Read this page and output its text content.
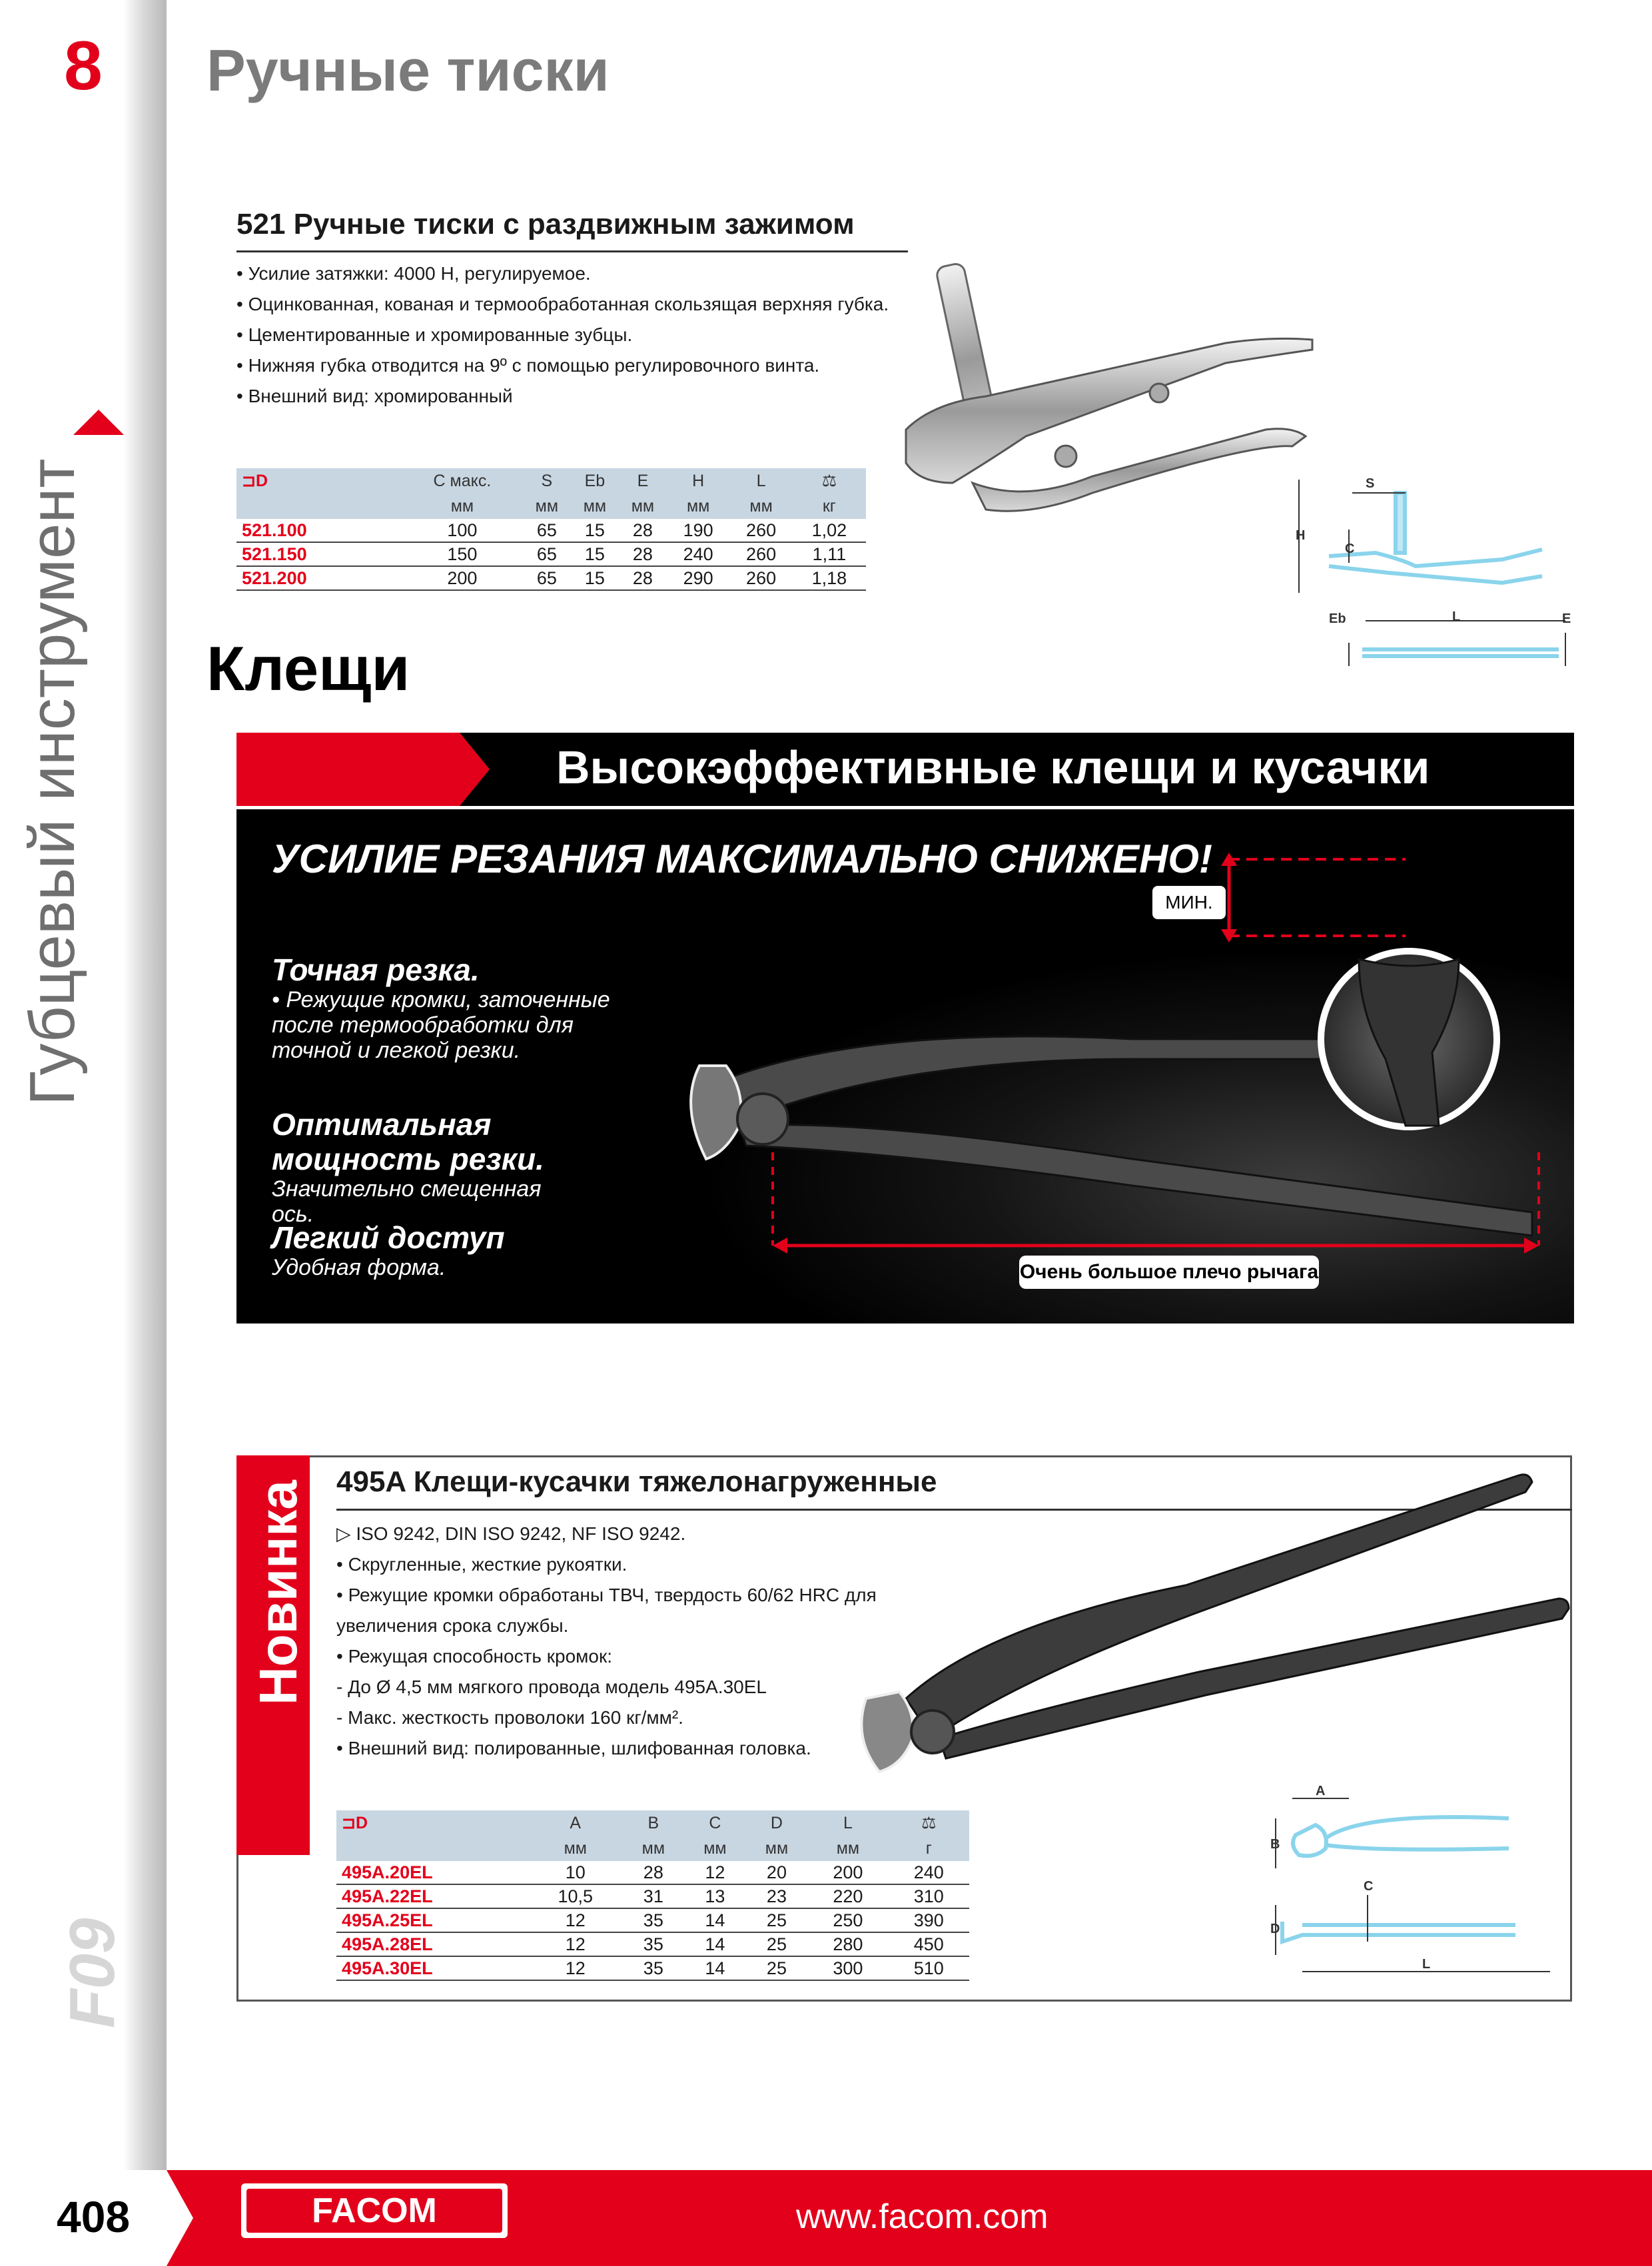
8
Губцевый инструмент
F09
Ручные тиски
521 Ручные тиски с раздвижным зажимом
• Усилие затяжки: 4000 Н, регулируемое.
• Оцинкованная, кованая и термообработанная скользящая верхняя губка.
• Цементированные и хромированные зубцы.
• Нижняя губка отводится на 9º с помощью регулировочного винта.
• Внешний вид: хромированный
⊐D	С макс.	S	Eb	E	H	L	⚖
	мм	мм	мм	мм	мм	мм	кг
521.100	100	65	15	28	190	260	1,02
521.150	150	65	15	28	240	260	1,11
521.200	200	65	15	28	290	260	1,18
H
C
S
Eb	L	E
Клещи
Высокэффективные клещи и кусачки
УСИЛИЕ РЕЗАНИЯ МАКСИМАЛЬНО СНИЖЕНО!
МИН.
Точная резка.
• Режущие кромки, заточенные после термообработки для точной и легкой резки.
Оптимальная мощность резки.
Значительно смещенная ось.
Легкий доступ
Удобная форма.	Очень большое плечо рычага
Новинка 495A Клещи-кусачки тяжелонагруженные
▷ ISO 9242, DIN ISO 9242, NF ISO 9242.
• Скругленные, жесткие рукоятки.
• Режущие кромки обработаны ТВЧ, твердость 60/62 HRC для увеличения срока службы.
• Режущая способность кромок:
- До Ø 4,5 мм мягкого провода модель 495A.30EL
- Макс. жесткость проволоки 160 кг/мм².
• Внешний вид: полированные, шлифованная головка.
⊐D	A	B	C	D	L	⚖
	мм	мм	мм	мм	мм	г
495A.20EL	10	28	12	20	200	240
495A.22EL	10,5	31	13	23	220	310
495A.25EL	12	35	14	25	250	390
495A.28EL	12	35	14	25	280	450
495A.30EL	12	35	14	25	300	510
A
B
C
D
L
408	FACOM	www.facom.com
